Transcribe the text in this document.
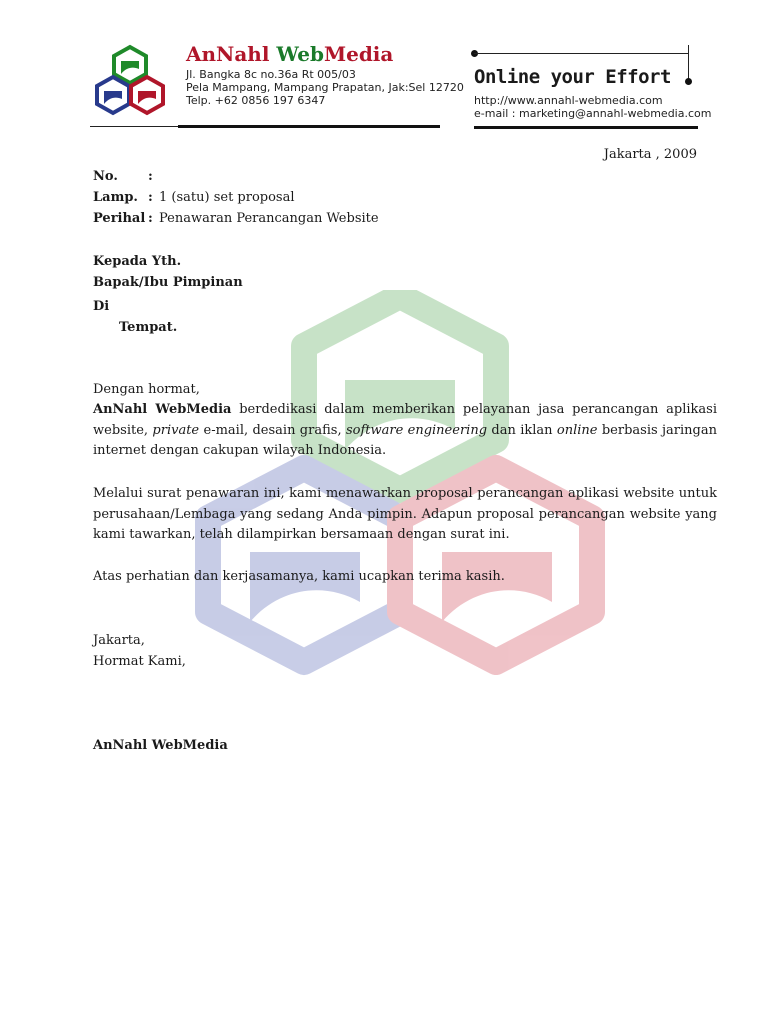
AnNahl WebMedia
Jl. Bangka 8c no.36a Rt 005/03
Pela Mampang, Mampang Prapatan, Jak:Sel 12720
Telp. +62 0856 197 6347
Online your Effort
http://www.annahl-webmedia.com
e-mail : marketing@annahl-webmedia.com
Jakarta , 2009
No. :
Lamp. : 1 (satu) set proposal
Perihal : Penawaran Perancangan Website
Kepada Yth.
Bapak/Ibu Pimpinan
Di
Tempat.
Dengan hormat,
AnNahl WebMedia berdedikasi dalam memberikan pelayanan jasa perancangan aplikasi website, private e-mail, desain grafis, software engineering dan iklan online berbasis jaringan internet dengan cakupan wilayah Indonesia.
Melalui surat penawaran ini, kami menawarkan proposal perancangan aplikasi website untuk perusahaan/Lembaga yang sedang Anda pimpin. Adapun proposal perancangan website yang kami tawarkan, telah dilampirkan bersamaan dengan surat ini.
Atas perhatian dan kerjasamanya, kami ucapkan terima kasih.
Jakarta,
Hormat Kami,
AnNahl WebMedia
